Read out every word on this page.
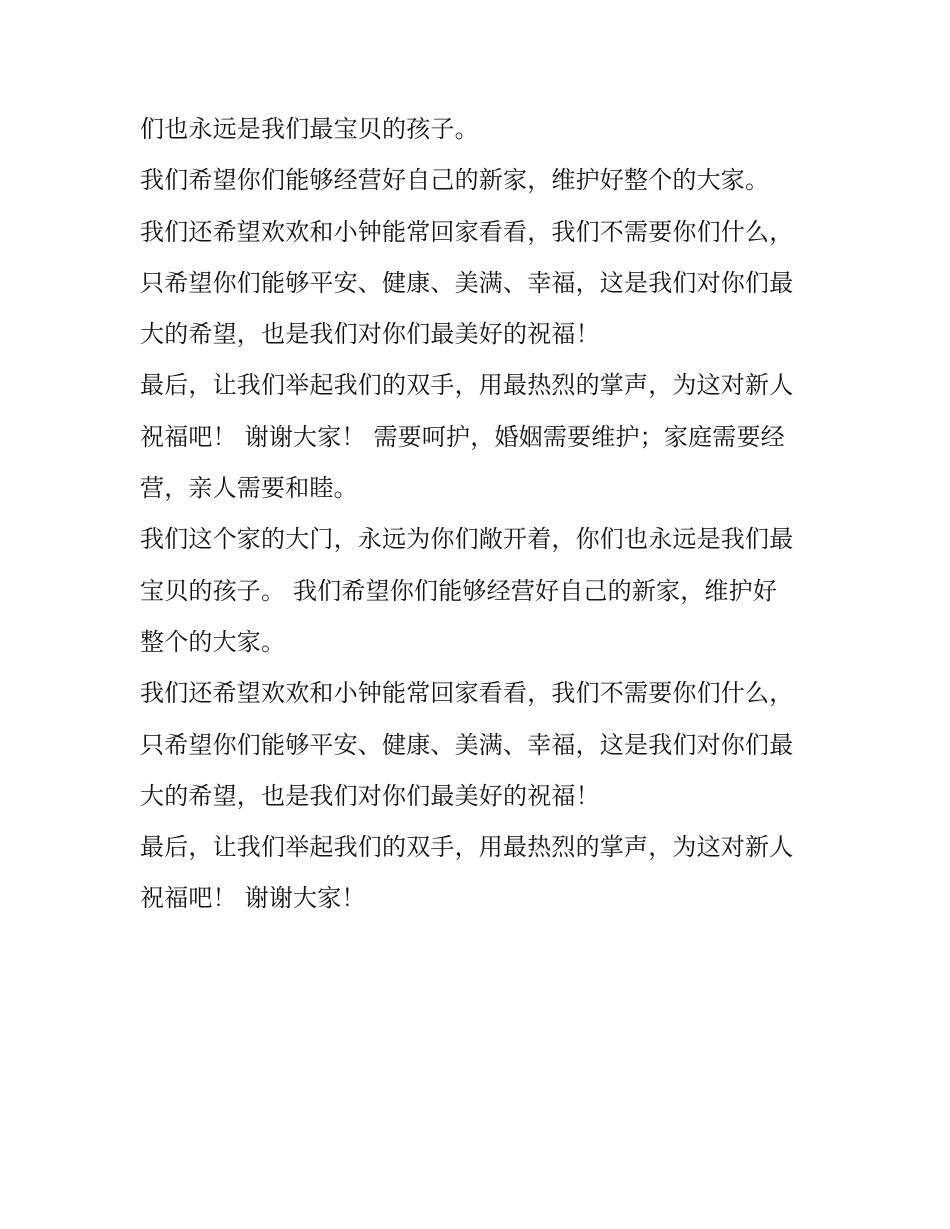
们也永远是我们最宝贝的孩子。
我们希望你们能够经营好自己的新家，维护好整个的大家。
我们还希望欢欢和小钟能常回家看看，我们不需要你们什么，
只希望你们能够平安、健康、美满、幸福，这是我们对你们最
大的希望，也是我们对你们最美好的祝福！
最后，让我们举起我们的双手，用最热烈的掌声，为这对新人
祝福吧！ 谢谢大家！ 需要呵护，婚姻需要维护；家庭需要经
营，亲人需要和睦。
我们这个家的大门，永远为你们敞开着，你们也永远是我们最
宝贝的孩子。 我们希望你们能够经营好自己的新家，维护好
整个的大家。
我们还希望欢欢和小钟能常回家看看，我们不需要你们什么，
只希望你们能够平安、健康、美满、幸福，这是我们对你们最
大的希望，也是我们对你们最美好的祝福！
最后，让我们举起我们的双手，用最热烈的掌声，为这对新人
祝福吧！ 谢谢大家！
